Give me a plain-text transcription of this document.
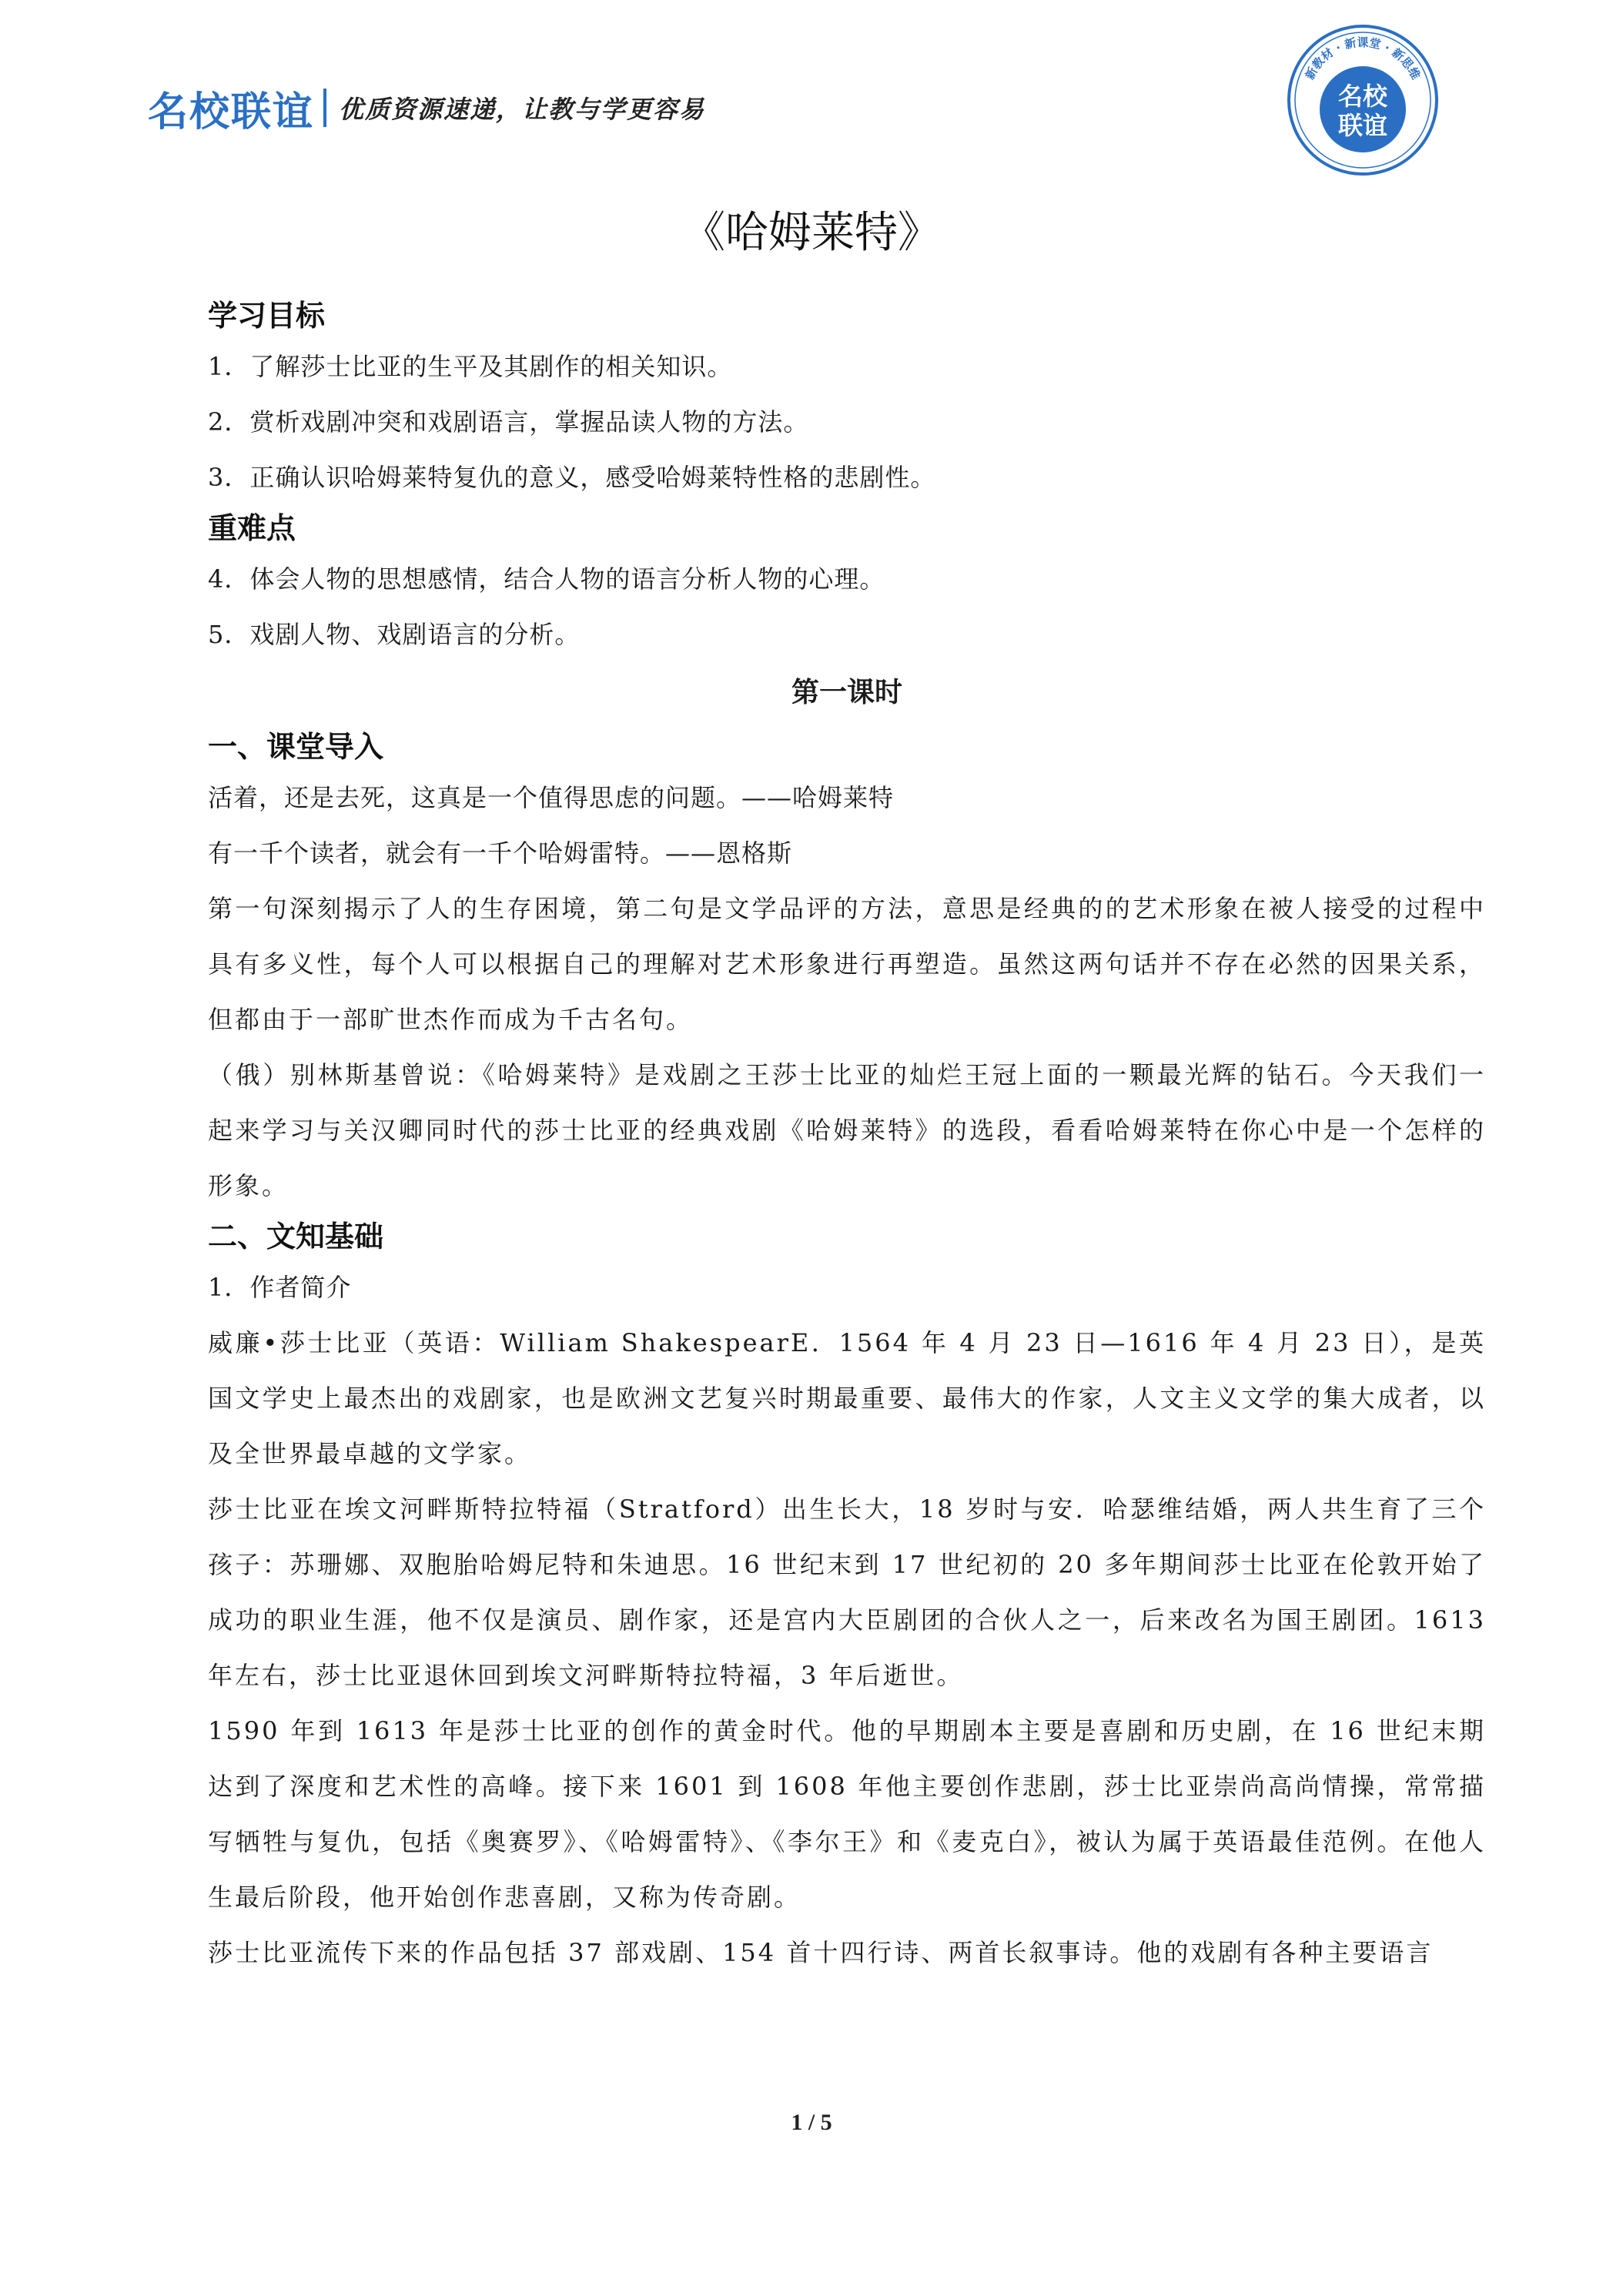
名校联谊 优质资源速递，让教与学更容易
新教材 · 新课堂 · 新思维
名校
联谊
《哈姆莱特》

学习目标

1．了解莎士比亚的生平及其剧作的相关知识。

2．赏析戏剧冲突和戏剧语言，掌握品读人物的方法。

3．正确认识哈姆莱特复仇的意义，感受哈姆莱特性格的悲剧性。

重难点

4．体会人物的思想感情，结合人物的语言分析人物的心理。

5．戏剧人物、戏剧语言的分析。

第一课时

一、课堂导入

活着，还是去死，这真是一个值得思虑的问题。——哈姆莱特

有一千个读者，就会有一千个哈姆雷特。——恩格斯

第一句深刻揭示了人的生存困境，第二句是文学品评的方法，意思是经典的的艺术形象在被人接受的过程中具有多义性，每个人可以根据自己的理解对艺术形象进行再塑造。虽然这两句话并不存在必然的因果关系，但都由于一部旷世杰作而成为千古名句。

（俄）别林斯基曾说：《哈姆莱特》是戏剧之王莎士比亚的灿烂王冠上面的一颗最光辉的钻石。今天我们一起来学习与关汉卿同时代的莎士比亚的经典戏剧《哈姆莱特》的选段，看看哈姆莱特在你心中是一个怎样的形象。

二、文知基础

1．作者简介

威廉•莎士比亚（英语：William ShakespearE．1564 年 4 月 23 日—1616 年 4 月 23 日），是英国文学史上最杰出的戏剧家，也是欧洲文艺复兴时期最重要、最伟大的作家，人文主义文学的集大成者，以及全世界最卓越的文学家。

莎士比亚在埃文河畔斯特拉特福（Stratford）出生长大，18 岁时与安．哈瑟维结婚，两人共生育了三个孩子：苏珊娜、双胞胎哈姆尼特和朱迪思。16 世纪末到 17 世纪初的 20 多年期间莎士比亚在伦敦开始了成功的职业生涯，他不仅是演员、剧作家，还是宫内大臣剧团的合伙人之一，后来改名为国王剧团。1613 年左右，莎士比亚退休回到埃文河畔斯特拉特福，3 年后逝世。

1590 年到 1613 年是莎士比亚的创作的黄金时代。他的早期剧本主要是喜剧和历史剧，在 16 世纪末期达到了深度和艺术性的高峰。接下来 1601 到 1608 年他主要创作悲剧，莎士比亚崇尚高尚情操，常常描写牺牲与复仇，包括《奥赛罗》、《哈姆雷特》、《李尔王》和《麦克白》，被认为属于英语最佳范例。在他人生最后阶段，他开始创作悲喜剧，又称为传奇剧。

莎士比亚流传下来的作品包括 37 部戏剧、154 首十四行诗、两首长叙事诗。他的戏剧有各种主要语言

1 / 5
